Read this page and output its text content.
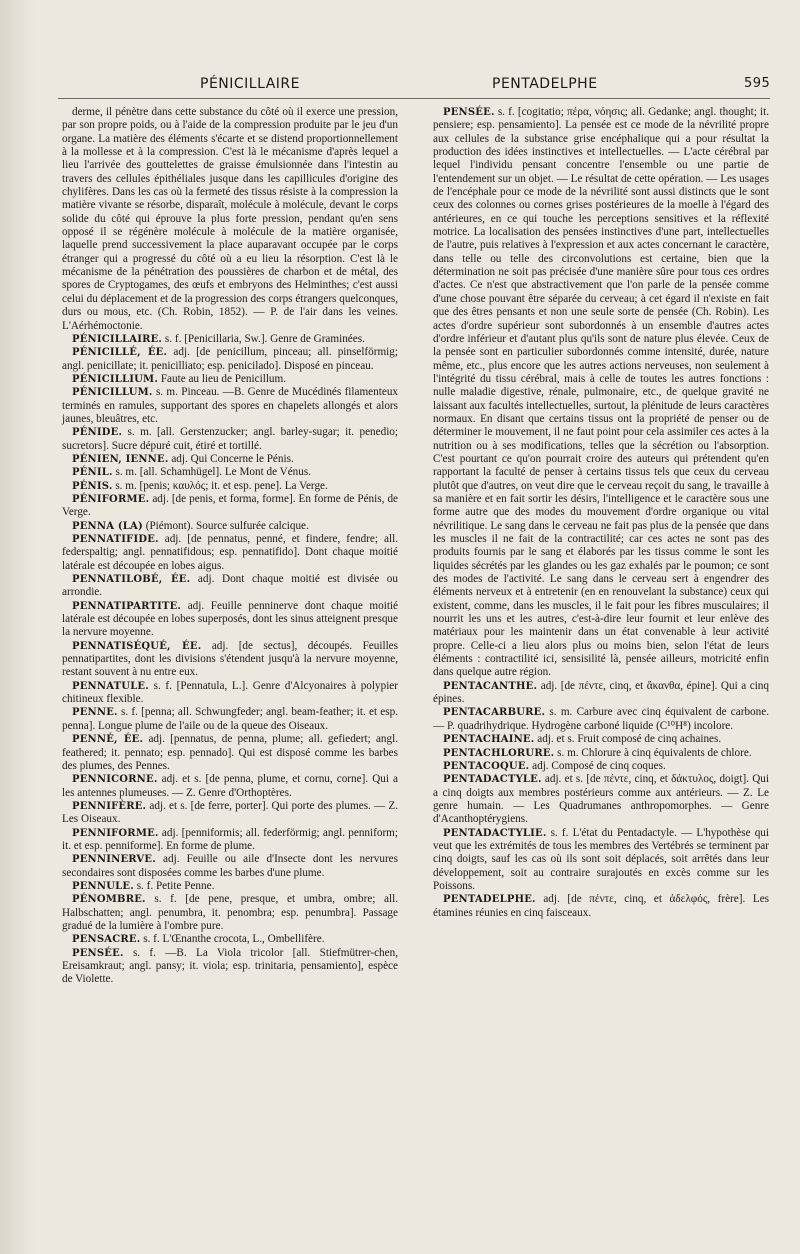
PÉNICILLAIRE	PENTADELPHE	595

derme, il pénètre dans cette substance du côté où il exerce une pression, par son propre poids, ou à l'aide de la compression produite par le jeu d'un organe. La matière des éléments s'écarte et se distend proportionnellement à la mollesse et à la compression. C'est là le mécanisme d'après lequel a lieu l'arrivée des gouttelettes de graisse émulsionnée dans l'intestin au travers des cellules épithéliales jusque dans les capillicules d'origine des chylifères. Dans les cas où la fermeté des tissus résiste à la compression la matière vivante se résorbe, disparaît, molécule à molécule, devant le corps solide du côté qui éprouve la plus forte pression, pendant qu'en sens opposé il se régénère molécule à molécule de la matière organisée, laquelle prend successivement la place auparavant occupée par le corps étranger qui a progressé du côté où a eu lieu la résorption. C'est là le mécanisme de la pénétration des poussières de charbon et de métal, des spores de Cryptogames, des œufs et embryons des Helminthes; c'est aussi celui du déplacement et de la progression des corps étrangers quelconques, durs ou mous, etc. (Ch. Robin, 1852). — P. de l'air dans les veines. L'Aérhémoctonie.

PÉNICILLAIRE. s. f. [Penicillaria, Sw.]. Genre de Graminées.

PÉNICILLÉ, ÉE. adj. [de penicillum, pinceau; all. pinselförmig; angl. penicillate; it. penicilliato; esp. penicilado]. Disposé en pinceau.

PÉNICILLIUM. Faute au lieu de Penicillum.

PÉNICILLUM. s. m. Pinceau. —B. Genre de Mucédinés filamenteux terminés en ramules, supportant des spores en chapelets allongés et alors jaunes, bleuâtres, etc.

PÉNIDE. s. m. [all. Gerstenzucker; angl. barley-sugar; it. penedio; sucretors]. Sucre dépuré cuit, étiré et tortillé.

PÉNIEN, IENNE. adj. Qui Concerne le Pénis.

PÉNIL. s. m. [all. Schamhügel]. Le Mont de Vénus.

PÉNIS. s. m. [penis; καυλός; it. et esp. pene]. La Verge.

PÉNIFORME. adj. [de penis, et forma, forme]. En forme de Pénis, de Verge.

PENNA (LA) (Piémont). Source sulfurée calcique.

PENNATIFIDE. adj. [de pennatus, penné, et findere, fendre; all. federspaltig; angl. pennatifidous; esp. pennatifido]. Dont chaque moitié latérale est découpée en lobes aigus.

PENNATILOBÉ, ÉE. adj. Dont chaque moitié est divisée ou arrondie.

PENNATIPARTITE. adj. Feuille penninerve dont chaque moitié latérale est découpée en lobes superposés, dont les sinus atteignent presque la nervure moyenne.

PENNATISÉQUÉ, ÉE. adj. [de sectus], découpés. Feuilles pennatipartites, dont les divisions s'étendent jusqu'à la nervure moyenne, restant souvent à nu entre eux.

PENNATULE. s. f. [Pennatula, L.]. Genre d'Alcyonaires à polypier chitineux flexible.

PENNE. s. f. [penna; all. Schwungfeder; angl. beam-feather; it. et esp. penna]. Longue plume de l'aile ou de la queue des Oiseaux.

PENNÉ, ÉE. adj. [pennatus, de penna, plume; all. gefiedert; angl. feathered; it. pennato; esp. pennado]. Qui est disposé comme les barbes des plumes, des Pennes.

PENNICORNE. adj. et s. [de penna, plume, et cornu, corne]. Qui a les antennes plumeuses. — Z. Genre d'Orthoptères.

PENNIFÈRE. adj. et s. [de ferre, porter]. Qui porte des plumes. — Z. Les Oiseaux.

PENNIFORME. adj. [penniformis; all. federförmig; angl. penniform; it. et esp. penniforme]. En forme de plume.

PENNINERVE. adj. Feuille ou aile d'Insecte dont les nervures secondaires sont disposées comme les barbes d'une plume.

PENNULE. s. f. Petite Penne.

PÉNOMBRE. s. f. [de pene, presque, et umbra, ombre; all. Halbschatten; angl. penumbra, it. penombra; esp. penumbra]. Passage gradué de la lumière à l'ombre pure.

PENSACRE. s. f. L'Œnanthe crocota, L., Ombellifère.

PENSÉE. s. f. —B. La Viola tricolor [all. Stiefmütrer-chen, Ereisamkraut; angl. pansy; it. viola; esp. trinitaria, pensamiento], espèce de Violette.

PENSÉE. s. f. [cogitatio; πέρα, νόησις; all. Gedanke; angl. thought; it. pensiere; esp. pensamiento]. La pensée est ce mode de la névrilité propre aux cellules de la substance grise encéphalique qui a pour résultat la production des idées instinctives et intellectuelles. — L'acte cérébral par lequel l'individu pensant concentre l'ensemble ou une partie de l'entendement sur un objet. — Le résultat de cette opération. — Les usages de l'encéphale pour ce mode de la névrilité sont aussi distincts que le sont ceux des colonnes ou cornes grises postérieures de la moelle à l'égard des antérieures, en ce qui touche les perceptions sensitives et la réflexité motrice. La localisation des pensées instinctives d'une part, intellectuelles de l'autre, puis relatives à l'expression et aux actes concernant le caractère, dans telle ou telle des circonvolutions est certaine, bien que la détermination ne soit pas précisée d'une manière sûre pour tous ces ordres d'actes. Ce n'est que abstractivement que l'on parle de la pensée comme d'une chose pouvant être séparée du cerveau; à cet égard il n'existe en fait que des êtres pensants et non une seule sorte de pensée (Ch. Robin). Les actes d'ordre supérieur sont subordonnés à un ensemble d'autres actes d'ordre inférieur et d'autant plus qu'ils sont de nature plus élevée. Ceux de la pensée sont en particulier subordonnés comme intensité, durée, nature même, etc., plus encore que les autres actions nerveuses, non seulement à l'intégrité du tissu cérébral, mais à celle de toutes les autres fonctions : nulle maladie digestive, rénale, pulmonaire, etc., de quelque gravité ne laissant aux facultés intellectuelles, surtout, la plénitude de leurs caractères normaux. En disant que certains tissus ont la propriété de penser ou de déterminer le mouvement, il ne faut point pour cela assimiler ces actes à la nutrition ou à ses modifications, telles que la sécrétion ou l'absorption. C'est pourtant ce qu'on pourrait croire des auteurs qui prétendent qu'en rapportant la faculté de penser à certains tissus tels que ceux du cerveau plutôt que d'autres, on veut dire que le cerveau reçoit du sang, le travaille à sa manière et en fait sortir les désirs, l'intelligence et le caractère sous une forme autre que des modes du mouvement d'ordre organique ou vital névrilitique. Le sang dans le cerveau ne fait pas plus de la pensée que dans les muscles il ne fait de la contractilité; car ces actes ne sont pas des produits fournis par le sang et élaborés par les tissus comme le sont les liquides sécrétés par les glandes ou les gaz exhalés par le poumon; ce sont des modes de l'activité. Le sang dans le cerveau sert à engendrer des éléments nerveux et à entretenir (en en renouvelant la substance) ceux qui existent, comme, dans les muscles, il le fait pour les fibres musculaires; il nourrit les uns et les autres, c'est-à-dire leur fournit et leur enlève des matériaux pour les maintenir dans un état convenable à leur activité propre. Celle-ci a lieu alors plus ou moins bien, selon l'état de leurs éléments : contractilité ici, sensisilité là, pensée ailleurs, motricité enfin dans quelque autre région.

PENTACANTHE. adj. [de πέντε, cinq, et ἄκανθα, épine]. Qui a cinq épines.

PENTACARBURE. s. m. Carbure avec cinq équivalent de carbone. — P. quadrihydrique. Hydrogène carboné liquide (C¹⁰H⁸) incolore.

PENTACHAINE. adj. et s. Fruit composé de cinq achaines.

PENTACHLORURE. s. m. Chlorure à cinq équivalents de chlore.

PENTACOQUE. adj. Composé de cinq coques.

PENTADACTYLE. adj. et s. [de πέντε, cinq, et δάκτυλος, doigt]. Qui a cinq doigts aux membres postérieurs comme aux antérieurs. — Z. Le genre humain. — Les Quadrumanes anthropomorphes. — Genre d'Acanthoptérygiens.

PENTADACTYLIE. s. f. L'état du Pentadactyle. — L'hypothèse qui veut que les extrémités de tous les membres des Vertébrés se terminent par cinq doigts, sauf les cas où ils sont soit déplacés, soit arrêtés dans leur développement, soit au contraire surajoutés en excès comme sur les Poissons.

PENTADELPHE. adj. [de πέντε, cinq, et ἀδελφός, frère]. Les étamines réunies en cinq faisceaux.
